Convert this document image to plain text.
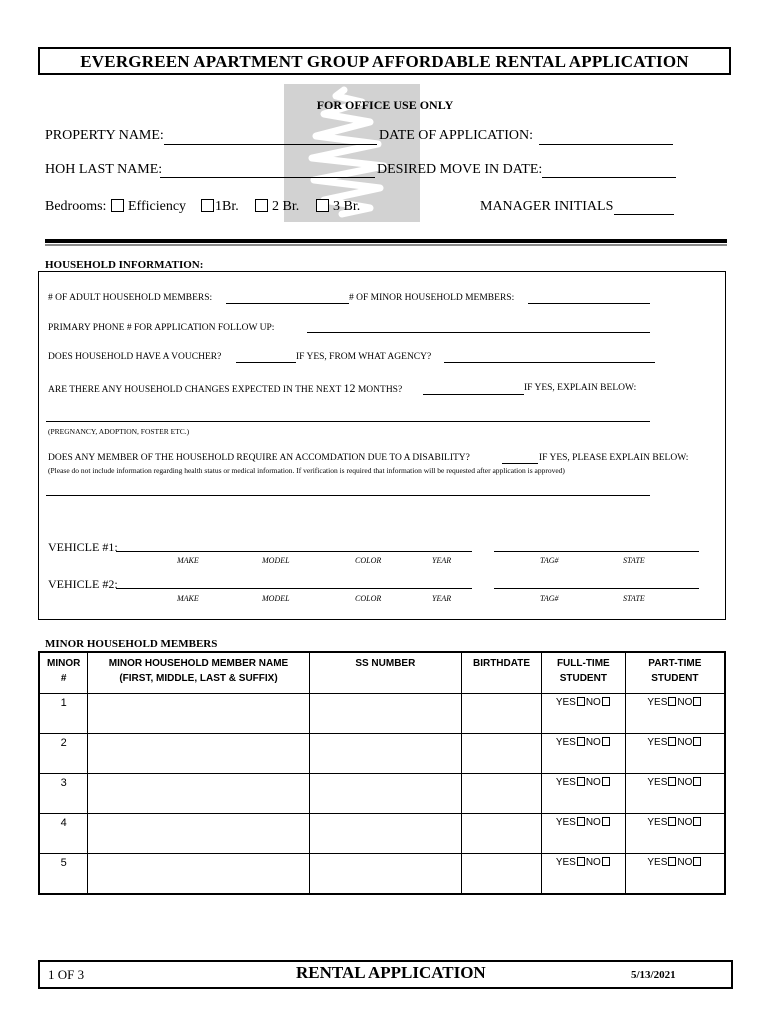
EVERGREEN APARTMENT GROUP AFFORDABLE RENTAL APPLICATION
FOR OFFICE USE ONLY
PROPERTY NAME:	DATE OF APPLICATION:
HOH LAST NAME:	DESIRED MOVE IN DATE:
Bedrooms:	Efficiency	1Br.	2 Br.	3 Br.	MANAGER INITIALS
HOUSEHOLD INFORMATION:
# OF ADULT HOUSEHOLD MEMBERS:	# OF MINOR HOUSEHOLD MEMBERS:
PRIMARY PHONE # FOR APPLICATION FOLLOW UP:
DOES HOUSEHOLD HAVE A VOUCHER?	IF YES, FROM WHAT AGENCY?
ARE THERE ANY HOUSEHOLD CHANGES EXPECTED IN THE NEXT 12 MONTHS?	IF YES, EXPLAIN BELOW:
(PREGNANCY, ADOPTION, FOSTER ETC.)
DOES ANY MEMBER OF THE HOUSEHOLD REQUIRE AN ACCOMDATION DUE TO A DISABILITY?	IF YES, PLEASE EXPLAIN BELOW:
(Please do not include information regarding health status or medical information. If verification is required that information will be requested after application is approved)
VEHICLE #1:
MAKE	MODEL	COLOR	YEAR	TAG#	STATE
VEHICLE #2:
MAKE	MODEL	COLOR	YEAR	TAG#	STATE
MINOR HOUSEHOLD MEMBERS
MINOR
#	MINOR HOUSEHOLD MEMBER NAME
(FIRST, MIDDLE, LAST & SUFFIX)	SS NUMBER	BIRTHDATE	FULL-TIME
STUDENT	PART-TIME
STUDENT
1				YES NO	YES NO
2				YES NO	YES NO
3				YES NO	YES NO
4				YES NO	YES NO
5				YES NO	YES NO
1 OF 3	RENTAL APPLICATION	5/13/2021
